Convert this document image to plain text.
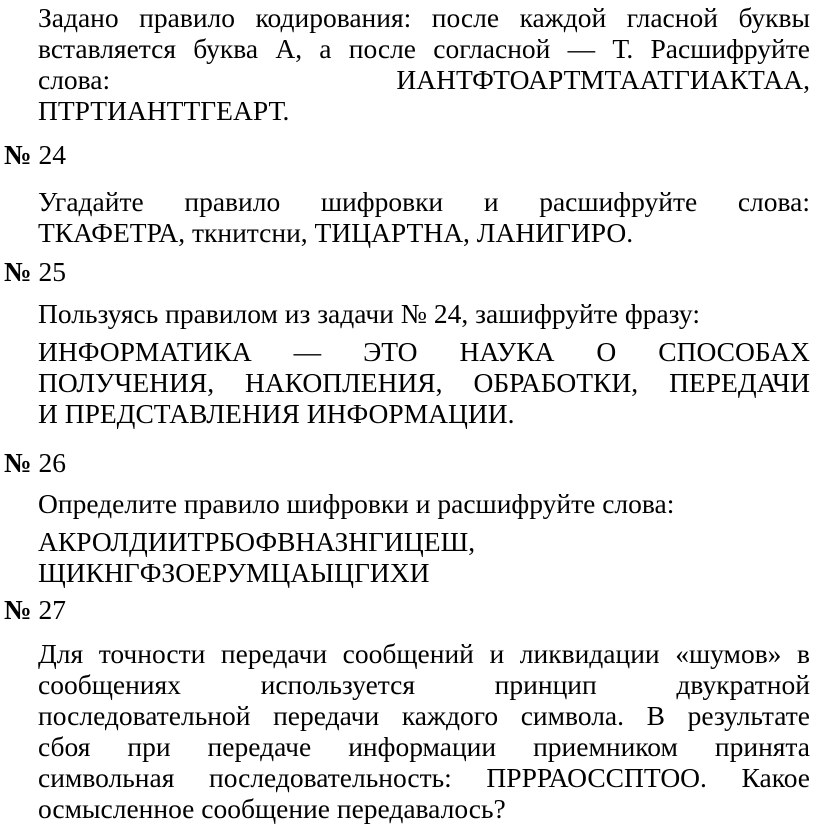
Задано правило кодирования: после каждой гласной буквы
вставляется буква А, а после согласной — Т. Расшифруйте
слова:	ИАНТФТОАРТМТААТГИАКТАА,
ПТРТИАНТТГЕАРТ.
№ 24
Угадайте правило шифровки и расшифруйте слова:
ТКАФЕТРА, ткнитсни, ТИЦАРТНА, ЛАНИГИРО.
№ 25
Пользуясь правилом из задачи № 24, зашифруйте фразу:
ИНФОРМАТИКА — ЭТО НАУКА О СПОСОБАХ
ПОЛУЧЕНИЯ, НАКОПЛЕНИЯ, ОБРАБОТКИ, ПЕРЕДАЧИ
И ПРЕДСТАВЛЕНИЯ ИНФОРМАЦИИ.
№ 26
Определите правило шифровки и расшифруйте слова:
АКРОЛДИИТРБОФВНАЗНГИЦЕШ,
ЩИКНГФЗОЕРУМЦАЫЦГИХИ
№ 27
Для точности передачи сообщений и ликвидации «шумов» в
сообщениях используется принцип двукратной
последовательной передачи каждого символа. В результате
сбоя при передаче информации приемником принята
символьная последовательность: ПРРРАОССПТОО. Какое
осмысленное сообщение передавалось?
